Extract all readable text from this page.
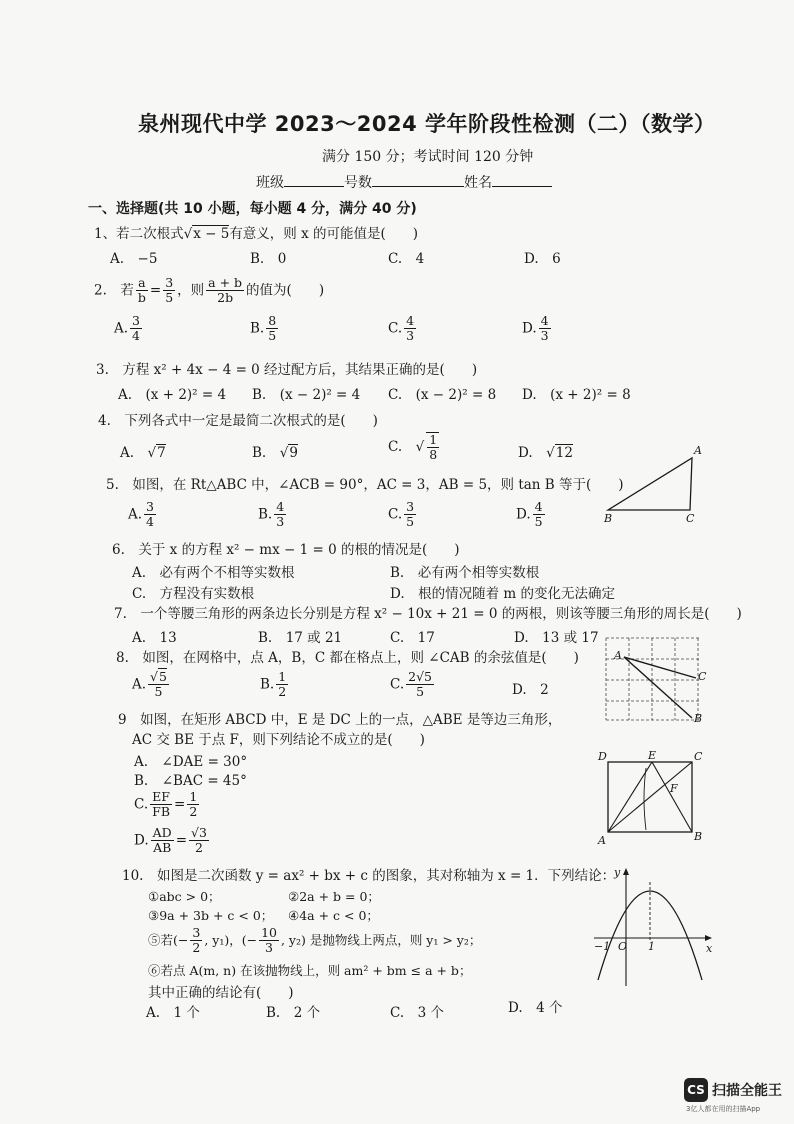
泉州现代中学 2023～2024 学年阶段性检测（二）（数学）
满分 150 分；考试时间 120 分钟
班级	号数	姓名
一、选择题(共 10 小题，每小题 4 分，满分 40 分)
1、若二次根式√x − 5有意义，则 x 的可能值是(　　)
A.　−5	B.　0	C.　4	D.　6
2.　若 $\frac{a}{b} = \frac{3}{5}$ ，则 $\frac{a + b}{2b}$ 的值为(　　)
A. $\frac{3}{4}$	B. $\frac{8}{5}$	C. $\frac{4}{3}$	D. $\frac{4}{3}$
3.　方程 x² + 4x − 4 = 0 经过配方后，其结果正确的是(　　)
A.　(x + 2)² = 4 B.　(x − 2)² = 4 C.　(x − 2)² = 8 D.　(x + 2)² = 8
4.　下列各式中一定是最简二次根式的是(　　)
A.　√7	B.　√9	C.　√ $\frac{1}{8}$	D.　√12
5.　如图，在 Rt△ABC 中，∠ACB = 90°，AC = 3，AB = 5，则 tan B 等于(　　)
A. $\frac{3}{4}$	B. $\frac{4}{3}$	C. $\frac{3}{5}$	D. $\frac{4}{5}$
A
B	C
6.　关于 x 的方程 x² − mx − 1 = 0 的根的情况是(　　)
A.　必有两个不相等实数根	B.　必有两个相等实数根
C.　方程没有实数根	D.　根的情况随着 m 的变化无法确定
7.　一个等腰三角形的两条边长分别是方程 x² − 10x + 21 = 0 的两根，则该等腰三角形的周长是(　　)
A.　13	B.　17 或 21	C.　17	D.　13 或 17
8.　如图，在网格中，点 A，B，C 都在格点上，则 ∠CAB 的余弦值是(　　)
A. $\frac{√5}{5}$	B. $\frac{1}{2}$	C. $\frac{2√5}{5}$	D.　2
A
C
B
9　如图，在矩形 ABCD 中，E 是 DC 上的一点，△ABE 是等边三角形，
AC 交 BE 于点 F，则下列结论不成立的是(　　)
A.　∠DAE = 30°
B.　∠BAC = 45°
C. $\frac{EF}{FB} = \frac{1}{2}$
D. $\frac{AD}{AB} = \frac{√3}{2}$
D	E	C
F
A	B
10.　如图是二次函数 y = ax² + bx + c 的图象，其对称轴为 x = 1．下列结论：
①abc > 0；	②2a + b = 0；
③9a + 3b + c < 0； ④4a + c < 0；
⑤若(− $\frac{3}{2}$ , y₁)，(− $\frac{10}{3}$ , y₂) 是抛物线上两点，则 y₁ > y₂；
⑥若点 A(m, n) 在该抛物线上，则 am² + bm ≤ a + b；
其中正确的结论有(　　)
A.　1 个	B.　2 个	C.　3 个	D.　4 个
y
x
O 1
−1
CS 扫描全能王
3亿人都在用的扫描App
